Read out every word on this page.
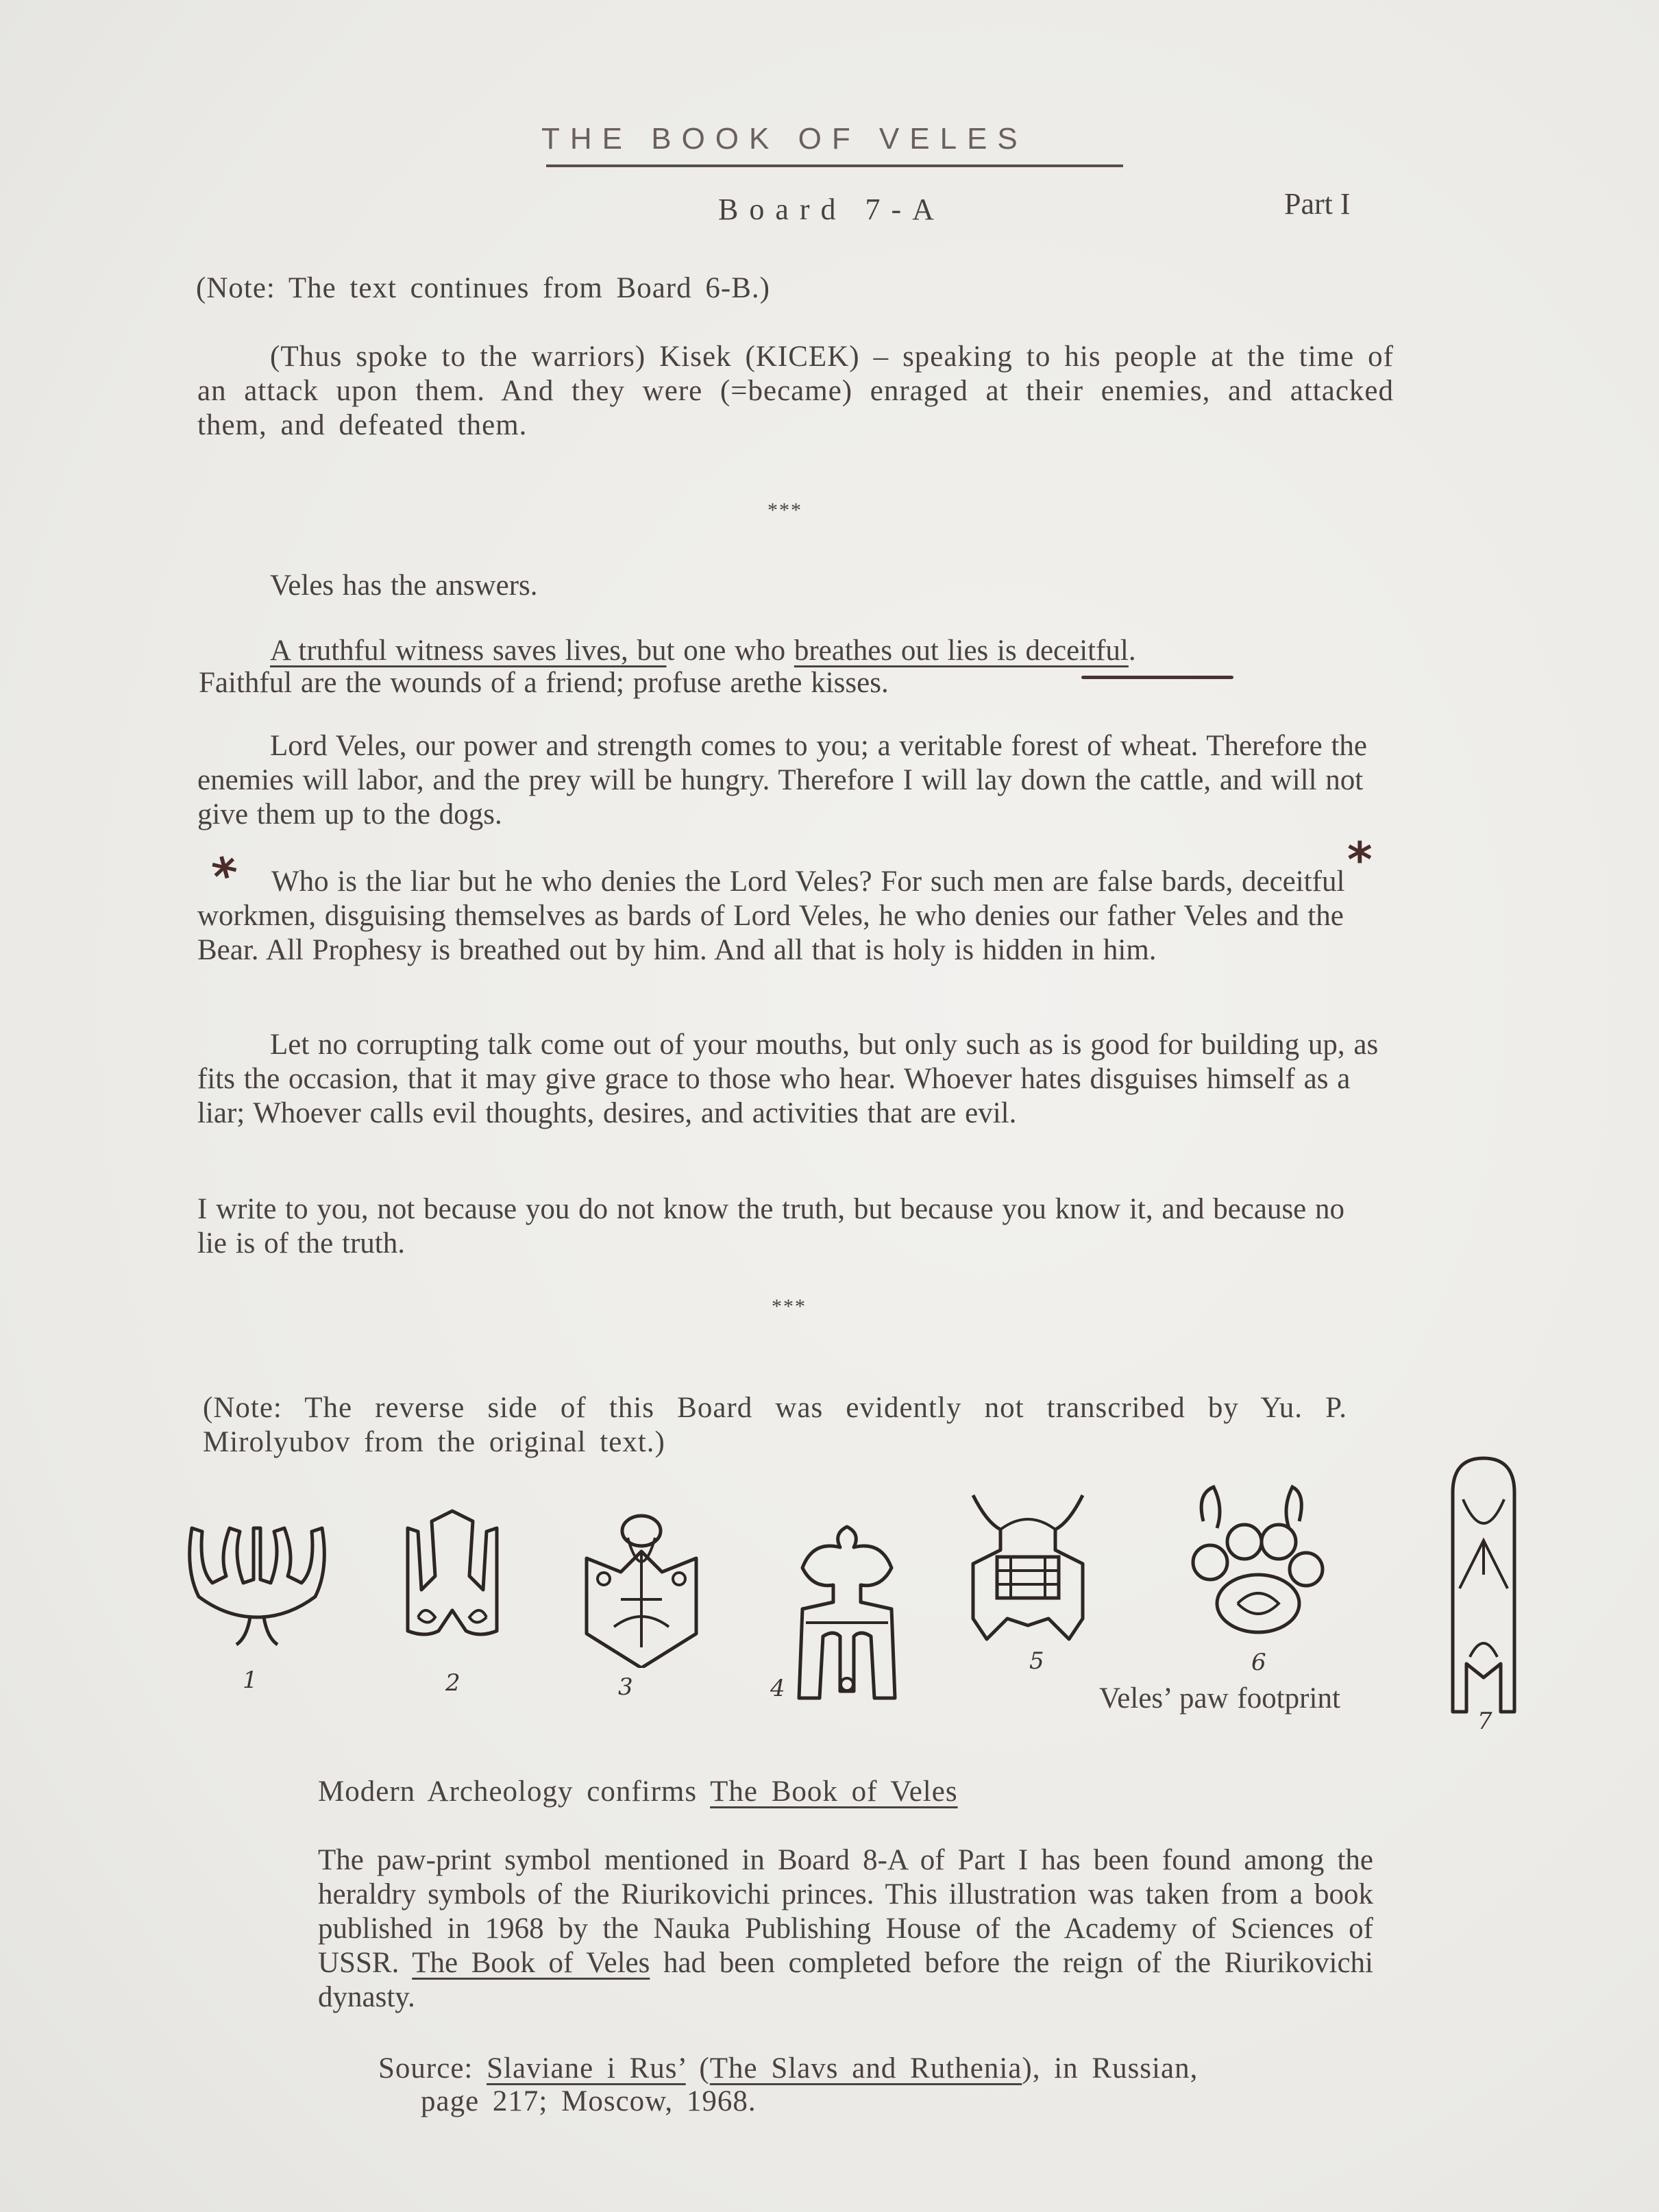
THE BOOK OF VELES
Board 7-A	Part I
(Note: The text continues from Board 6-B.)

(Thus spoke to the warriors) Kisek (KICEK) – speaking to his people at the time of an attack upon them. And they were (=became) enraged at their enemies, and attacked them, and defeated them.

***
Veles has the answers.
A truthful witness saves lives, but one who breathes out lies is deceitful.
Faithful are the wounds of a friend; profuse arethe kisses.

Lord Veles, our power and strength comes to you; a veritable forest of wheat. Therefore the enemies will labor, and the prey will be hungry. Therefore I will lay down the cattle, and will not give them up to the dogs.

*	*

Who is the liar but he who denies the Lord Veles? For such men are false bards, deceitful workmen, disguising themselves as bards of Lord Veles, he who denies our father Veles and the Bear. All Prophesy is breathed out by him. And all that is holy is hidden in him.

Let no corrupting talk come out of your mouths, but only such as is good for building up, as fits the occasion, that it may give grace to those who hear. Whoever hates disguises himself as a liar; Whoever calls evil thoughts, desires, and activities that are evil.

I write to you, not because you do not know the truth, but because you know it, and because no lie is of the truth.

***

(Note: The reverse side of this Board was evidently not transcribed by Yu. P. Mirolyubov from the original text.)

1	2	3	4
5	6
7
Veles’ paw footprint
Modern Archeology confirms The Book of Veles

The paw-print symbol mentioned in Board 8-A of Part I has been found among the heraldry symbols of the Riurikovichi princes. This illustration was taken from a book published in 1968 by the Nauka Publishing House of the Academy of Sciences of USSR. The Book of Veles had been completed before the reign of the Riurikovichi dynasty.

Source: Slaviane i Rus’ (The Slavs and Ruthenia), in Russian,
page 217; Moscow, 1968.
